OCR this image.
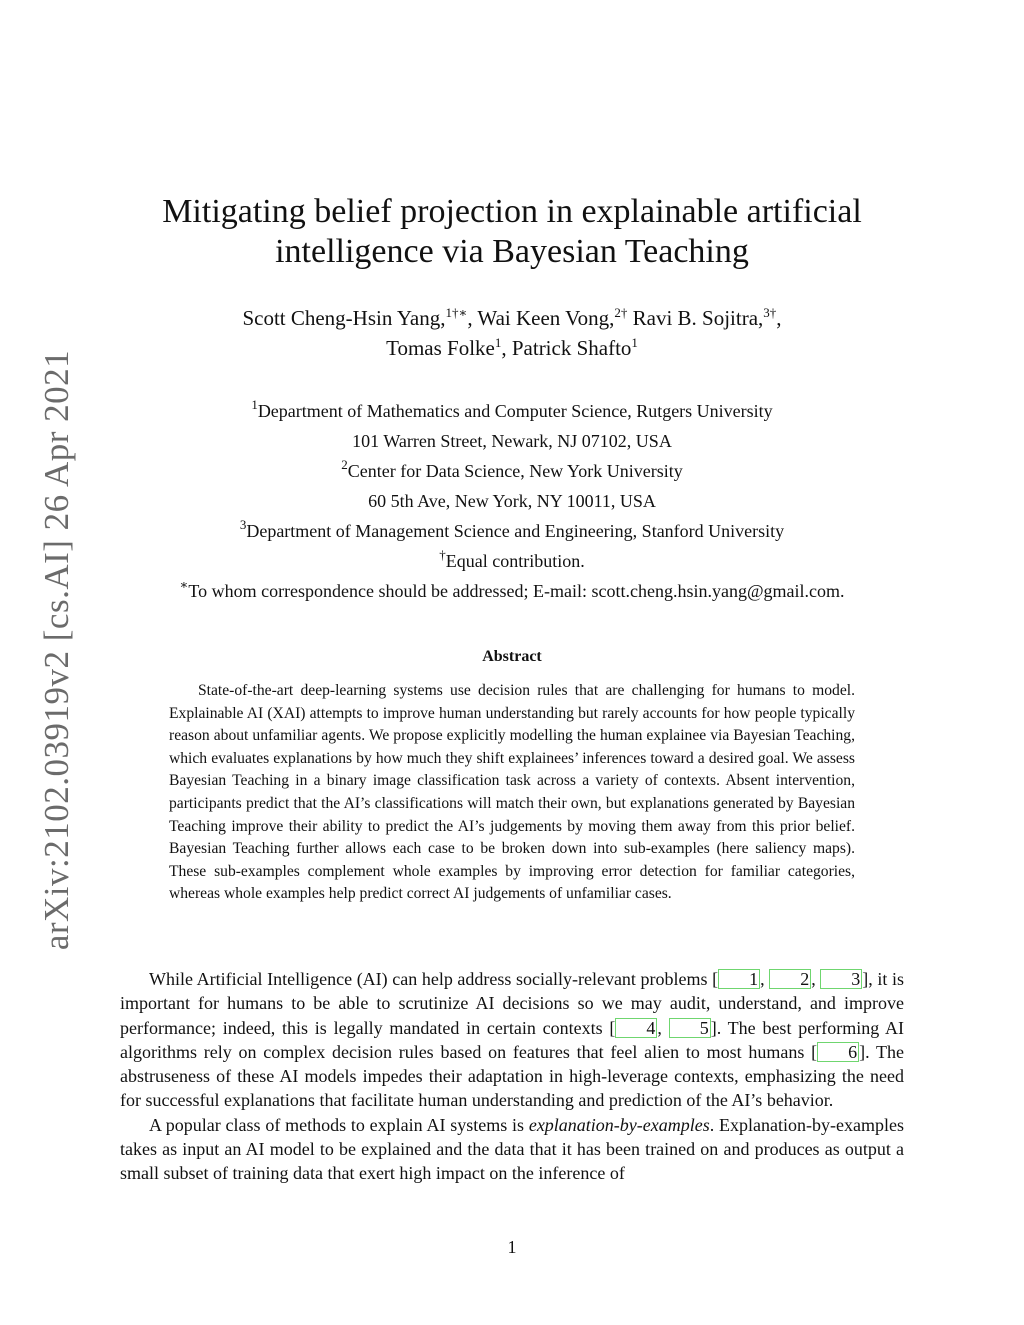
arXiv:2102.03919v2 [cs.AI] 26 Apr 2021
Mitigating belief projection in explainable artificial
intelligence via Bayesian Teaching
Scott Cheng-Hsin Yang,$^{1\dagger∗}$, Wai Keen Vong,$^{2\dagger}$ Ravi B. Sojitra,$^{3\dagger}$,
Tomas Folke$^1$, Patrick Shafto$^1$
$^1$Department of Mathematics and Computer Science, Rutgers University
101 Warren Street, Newark, NJ 07102, USA
$^2$Center for Data Science, New York University
60 5th Ave, New York, NY 10011, USA
$^3$Department of Management Science and Engineering, Stanford University
†Equal contribution.
∗To whom correspondence should be addressed; E-mail: scott.cheng.hsin.yang@gmail.com.
Abstract

State-of-the-art deep-learning systems use decision rules that are challenging for humans to model. Explainable AI (XAI) attempts to improve human understanding but rarely accounts for how people typically reason about unfamiliar agents. We propose explicitly modelling the human explainee via Bayesian Teaching, which evaluates explanations by how much they shift explainees’ inferences toward a desired goal. We assess Bayesian Teaching in a binary image classification task across a variety of contexts. Absent intervention, participants predict that the AI’s classifications will match their own, but explanations generated by Bayesian Teaching improve their ability to predict the AI’s judgements by moving them away from this prior belief. Bayesian Teaching further allows each case to be broken down into sub-examples (here saliency maps). These sub-examples complement whole examples by improving error detection for familiar categories, whereas whole examples help predict correct AI judgements of unfamiliar cases.

While Artificial Intelligence (AI) can help address socially-relevant problems [ 1 , 2 , 3 ], it is important for humans to be able to scrutinize AI decisions so we may audit, understand, and improve performance; indeed, this is legally mandated in certain contexts [ 4 , 5 ]. The best performing AI algorithms rely on complex decision rules based on features that feel alien to most humans [ 6 ]. The abstruseness of these AI models impedes their adaptation in high-leverage contexts, emphasizing the need for successful explanations that facilitate human understanding and prediction of the AI’s behavior.

A popular class of methods to explain AI systems is explanation-by-examples. Explanation-by-examples takes as input an AI model to be explained and the data that it has been trained on and produces as output a small subset of training data that exert high impact on the inference of

1
